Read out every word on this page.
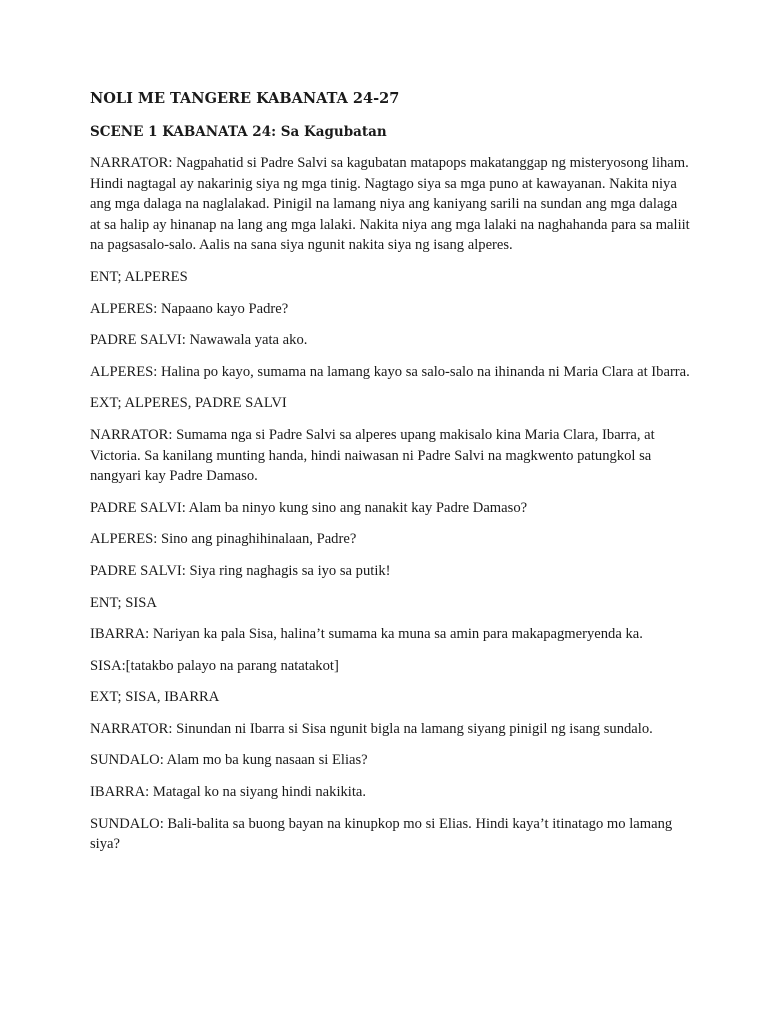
NOLI ME TANGERE KABANATA 24-27
SCENE 1 KABANATA 24: Sa Kagubatan

NARRATOR: Nagpahatid si Padre Salvi sa kagubatan matapops makatanggap ng misteryosong liham. Hindi nagtagal ay nakarinig siya ng mga tinig. Nagtago siya sa mga puno at kawayanan. Nakita niya ang mga dalaga na naglalakad. Pinigil na lamang niya ang kaniyang sarili na sundan ang mga dalaga at sa halip ay hinanap na lang ang mga lalaki. Nakita niya ang mga lalaki na naghahanda para sa maliit na pagsasalo-salo. Aalis na sana siya ngunit nakita siya ng isang alperes.

ENT; ALPERES

ALPERES: Napaano kayo Padre?

PADRE SALVI: Nawawala yata ako.

ALPERES: Halina po kayo, sumama na lamang kayo sa salo-salo na ihinanda ni Maria Clara at Ibarra.

EXT; ALPERES, PADRE SALVI

NARRATOR: Sumama nga si Padre Salvi sa alperes upang makisalo kina Maria Clara, Ibarra, at Victoria. Sa kanilang munting handa, hindi naiwasan ni Padre Salvi na magkwento patungkol sa nangyari kay Padre Damaso.

PADRE SALVI: Alam ba ninyo kung sino ang nanakit kay Padre Damaso?

ALPERES: Sino ang pinaghihinalaan, Padre?

PADRE SALVI: Siya ring naghagis sa iyo sa putik!

ENT; SISA

IBARRA: Nariyan ka pala Sisa, halina’t sumama ka muna sa amin para makapagmeryenda ka.

SISA:[tatakbo palayo na parang natatakot]

EXT; SISA, IBARRA

NARRATOR: Sinundan ni Ibarra si Sisa ngunit bigla na lamang siyang pinigil ng isang sundalo.

SUNDALO: Alam mo ba kung nasaan si Elias?

IBARRA: Matagal ko na siyang hindi nakikita.

SUNDALO: Bali-balita sa buong bayan na kinupkop mo si Elias. Hindi kaya’t itinatago mo lamang siya?
